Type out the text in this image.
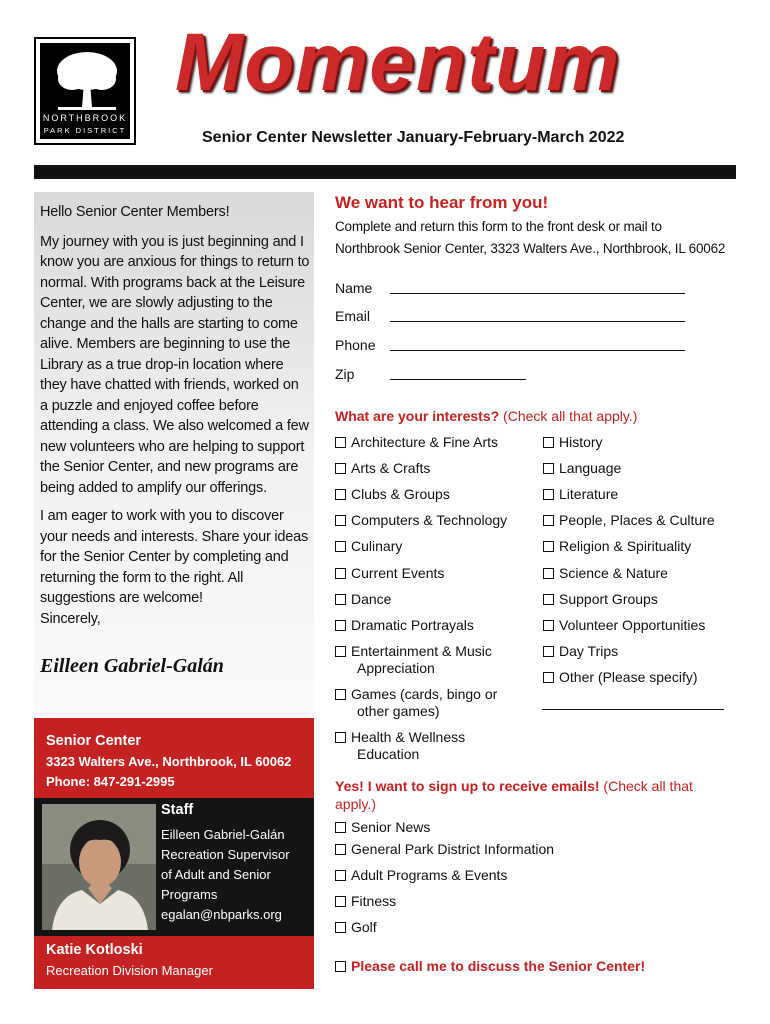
NORTHBROOK
PARK DISTRICT
Momentum
Senior Center Newsletter January-February-March 2022

Hello Senior Center Members!

My journey with you is just beginning and I know you are anxious for things to return to normal. With programs back at the Leisure Center, we are slowly adjusting to the change and the halls are starting to come alive. Members are beginning to use the Library as a true drop-in location where they have chatted with friends, worked on a puzzle and enjoyed coffee before attending a class. We also welcomed a few new volunteers who are helping to support the Senior Center, and new programs are being added to amplify our offerings.

I am eager to work with you to discover your needs and interests. Share your ideas for the Senior Center by completing and returning the form to the right. All suggestions are welcome!

Sincerely,

Eilleen Gabriel-Galán
Senior Center
3323 Walters Ave., Northbrook, IL 60062
Phone: 847-291-2995
Staff
Eilleen Gabriel-Galán
Recreation Supervisor
of Adult and Senior
Programs
egalan@nbparks.org
Katie Kotloski
Recreation Division Manager
We want to hear from you!
Complete and return this form to the front desk or mail to
Northbrook Senior Center, 3323 Walters Ave., Northbrook, IL 60062
Name
Email
Phone
Zip
What are your interests? (Check all that apply.)
Architecture & Fine Arts
Arts & Crafts
Clubs & Groups
Computers & Technology
Culinary
Current Events
Dance
Dramatic Portrayals
Entertainment & Music
Appreciation
Games (cards, bingo or
other games)
Health & Wellness
Education
History
Language
Literature
People, Places & Culture
Religion & Spirituality
Science & Nature
Support Groups
Volunteer Opportunities
Day Trips
Other (Please specify)
Yes! I want to sign up to receive emails! (Check all that
apply.)
Senior News
General Park District Information
Adult Programs & Events
Fitness
Golf
Please call me to discuss the Senior Center!
